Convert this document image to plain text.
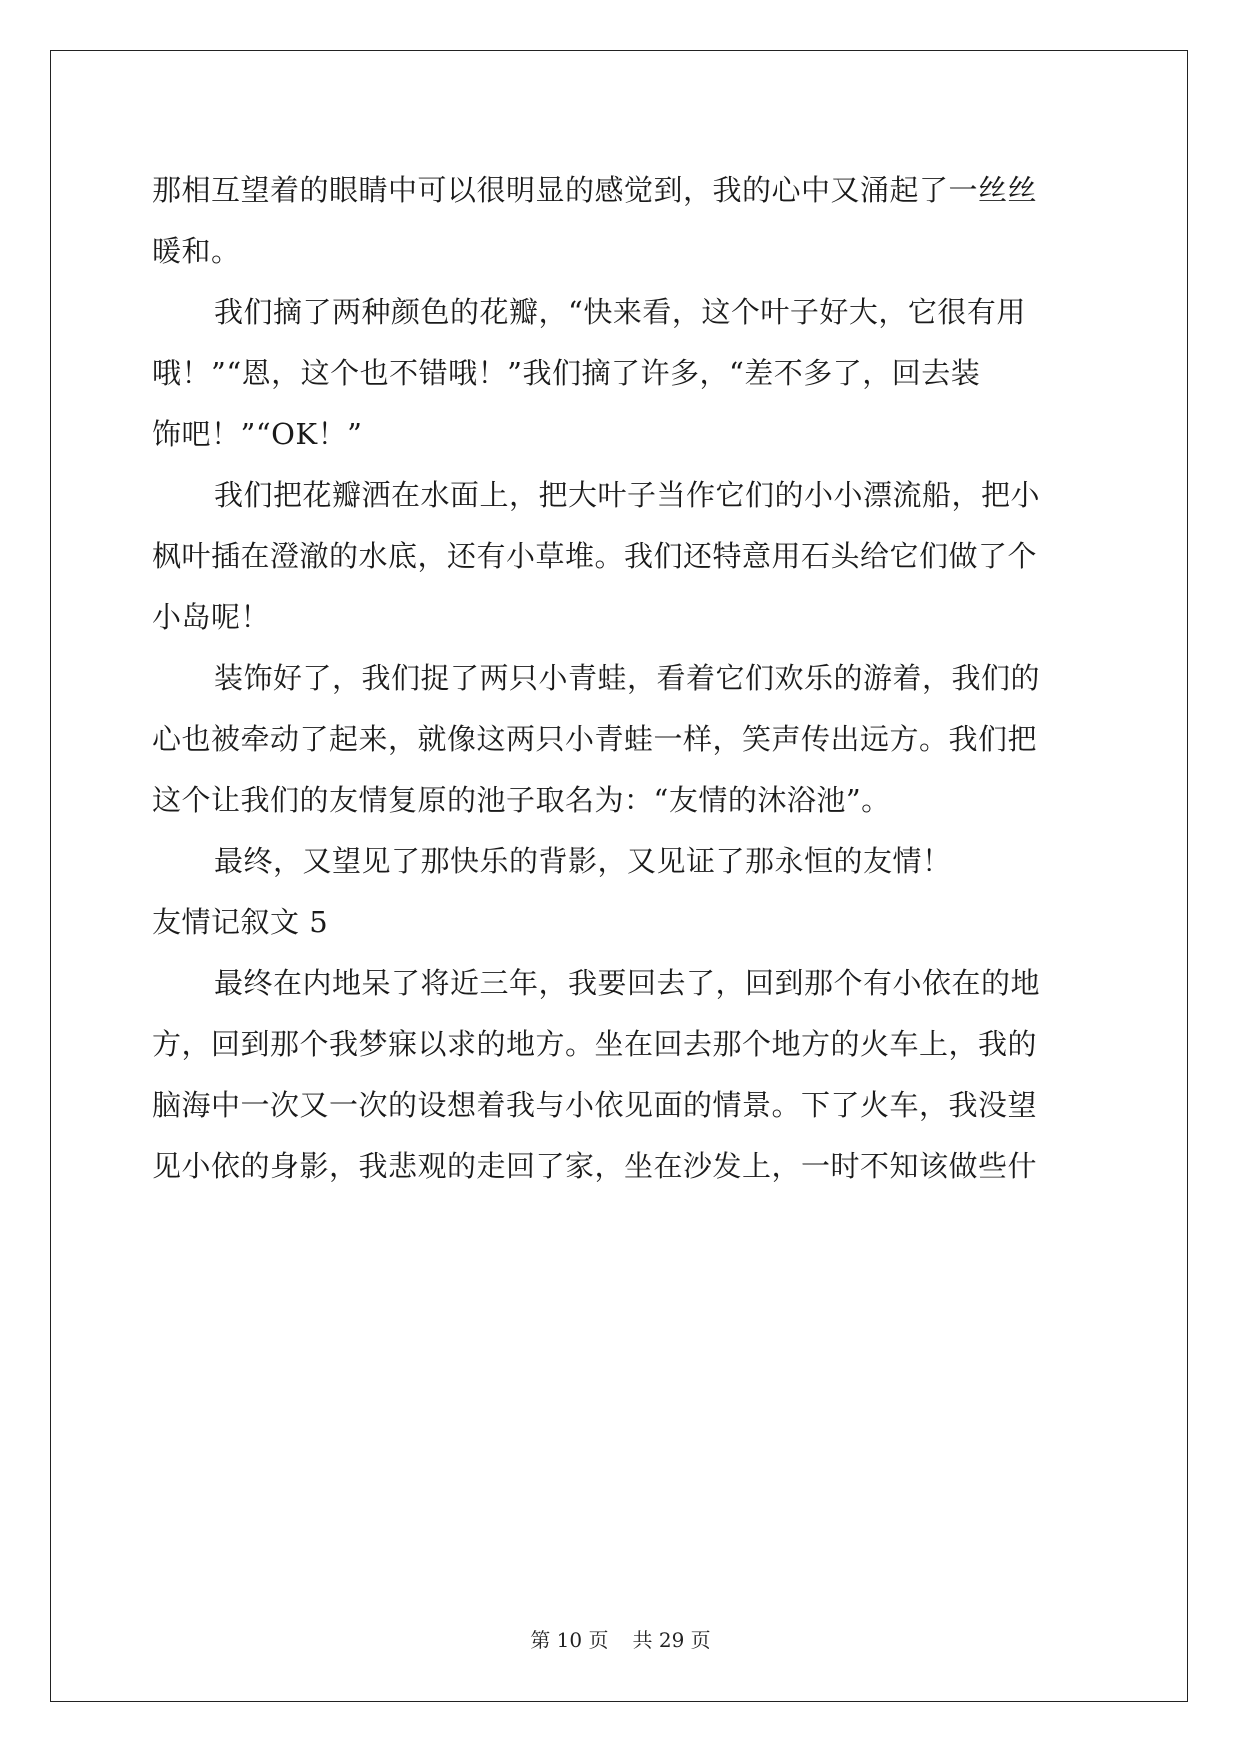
那相互望着的眼睛中可以很明显的感觉到，我的心中又涌起了一丝丝
暖和。
我们摘了两种颜色的花瓣，“快来看，这个叶子好大，它很有用
哦！”“恩，这个也不错哦！”我们摘了许多，“差不多了，回去装
饰吧！”“OK！”
我们把花瓣洒在水面上，把大叶子当作它们的小小漂流船，把小
枫叶插在澄澈的水底，还有小草堆。我们还特意用石头给它们做了个
小岛呢！
装饰好了，我们捉了两只小青蛙，看着它们欢乐的游着，我们的
心也被牵动了起来，就像这两只小青蛙一样，笑声传出远方。我们把
这个让我们的友情复原的池子取名为：“友情的沐浴池”。
最终，又望见了那快乐的背影，又见证了那永恒的友情！
友情记叙文 5
最终在内地呆了将近三年，我要回去了，回到那个有小依在的地
方，回到那个我梦寐以求的地方。坐在回去那个地方的火车上，我的
脑海中一次又一次的设想着我与小依见面的情景。下了火车，我没望
见小依的身影，我悲观的走回了家，坐在沙发上，一时不知该做些什
第 10 页 共 29 页
